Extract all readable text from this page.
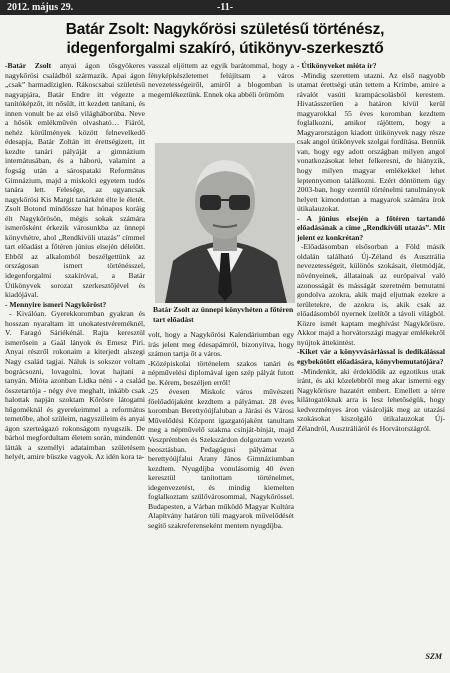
2012. május 29.	-11-
Batár Zsolt: Nagykőrösi születésű történész,
idegenforgalmi szakíró, útikönyv-szerkesztő

-Batár Zsolt anyai ágon tősgyökeres nagykőrösi családból származik. Apai ágon „csak” harmadíziglen. Rákoscsabai születésű nagyapjára, Batár Endre itt végezte a tanítóképzőt, itt nősült, itt kezdett tanítani, és innen vonult be az első világháborúba. Neve a hősök emlékművén olvasható… Fiáról, nehéz körülmények között felnevelkedő édesapja, Batár Zoltán itt érettségizett, itt kezdte tanári pályáját a gimnázium internátusában, és a háború, valamint a fogság után a sárospataki Református Gimnázium, majd a miskolci egyetem tudós tanára lett. Felesége, az ugyancsak nagykőrösi Kis Margit tanárként élte le életét. Zsolt Botond mindössze hat hónapos koráig élt Nagykőrösön, mégis sokak számára ismerősként érkezik városunkba az ünnepi könyvhétre, ahol „Rendkívüli utazás” címmel tart előadást a főtéren június elsején délelőtt. Ebből az alkalomból beszélgettünk az országosan ismert történésszel, idegenforgalmi szakíróval, a Batár Útikönyvek sorozat szerkesztőjével és kiadójával.

- Mennyire ismeri Nagykőröst?

- Kiválóan. Gyerekkoromban gyakran és hosszan nyaraltam itt unokatestvéreméknél, V. Faragó Sáriékénál. Rajta keresztül ismerősein a Gaál lányok és Emesz Piri. Anyai részről rokonaim a kiterjedt alszegi Nagy család tagjai. Náluk is sokszor voltam bográcsozni, lovagolni, lovat hajtani a tanyán. Mióta azonban Lidka néni - a család összetartója - négy éve meghalt, inkább csak halottak napján szoktam Kőrösre látogatni hűgoméknál és gyerekeimmel a református temetőbe, ahol szüleim, nagyszüleim és anyai ágon szerteágazó rokonságom nyugszik. De bárhol megfordultam életem során, mindenütt látták a személyi adataimban születésem helyét, amire büszke vagyok. Az idén kora ta-

vasszal eljöttem az egyik barátommal, hogy a fényképkészletemet felújítsam a város nevezetességeiről, amiről a blogomban is megemlékeztünk. Ennek oka abbéli örömöm

Batár Zsolt az ünnepi könyvhéten a főtéren tart előadást

volt, hogy a Nagykőrösi Kalendáriumban egy írás jelent meg édesapámról, bizonyítva, hogy számon tartja őt a város.

-Középiskolai történelem szakos tanári és népművelési diplomával igen szép pályát futott be. Kérem, beszéljen erről!

-25 évesen Miskolc város művészeti főelőadójaként kezdtem a pályámat. 28 éves koromban Berettyóújfaluban a Járási és Városi Művelődési Központ igazgatójaként tanultam meg a népművelő szakma csínját-bínját, majd Veszprémben és Szekszárdon dolgoztam vezető beosztásban. Pedagógusi pályámat a berettyóújfalui Arany János Gimnáziumban kezdtem. Nyugdíjba vonulásomig 40 éven keresztül tanítottam történelmet, idegenvezetést, és mindig kiemelten foglalkoztam szülővárosommal, Nagykőrössel. Budapesten, a Várban működő Magyar Kultúra Alapítvány határon túli magyarok művelődését segítő szakreferenseként mentem nyugdíjba.

- Útikönyveket mióta ír?

-Mindig szerettem utazni. Az első nagyobb utamat érettségi után tettem a Krímbe, amire a rávalót vasúti krampácsolásból kerestem. Hivatásszerűen a határon kívül kerül magyarokkal 55 éves koromban kezdtem foglalkozni, amikor rájöttem, hogy a Magyarországon kiadott útikönyvek nagy része csak angol útikönyvek szolgai fordítása. Bennük van, hogy egy adott országban milyen angol vonatkozásokat lehet felkeresni, de hiányzik, hogy milyen magyar emlékekkel lehet leptennyomon találkozni. Ezért döntöttem úgy 2003-ban, hogy ezentúl történelmi tanulmányok helyett kimondottan a magyarok számára írok útikalauzokat.

- A június elsején a főtéren tartandó előadásának a címe „Rendkívüli utazás”. Mit jelent ez konkrétan?

-Előadásomban elsősorban a Föld másik oldalán található Új-Zéland és Ausztrália nevezetességeit, különös szokásait, életmódját, növényeinek, állatainak az európaival való azonosságát és másságát szeretném bemutatni gondolva azokra, akik majd eljutnak ezekre a területekre, de azokra is, akik csak az előadásomból nyernek ízelítőt a távoli világból. Közre ismét kaptam meghívást Nagykőrösre. Akkor majd a horvátországi magyar emlékekről nyújtok áttekintést.

-Kiket vár a könyvvásárlással is dedikálással egybekötött előadására, könyvbemutatójára?

-Mindenkit, aki érdeklődik az egzotikus utak iránt, és aki közelebbről meg akar ismerni egy Nagykőrösre hazatért embert. Emellett a térre kilátogatóknak arra is lesz lehetőségük, hogy kedvezményes áron vásárolják meg az utazási szokásokat kiszolgáló útikalauzokat Új-Zélandról, Ausztráliáról és Horvátországról.

SZM
